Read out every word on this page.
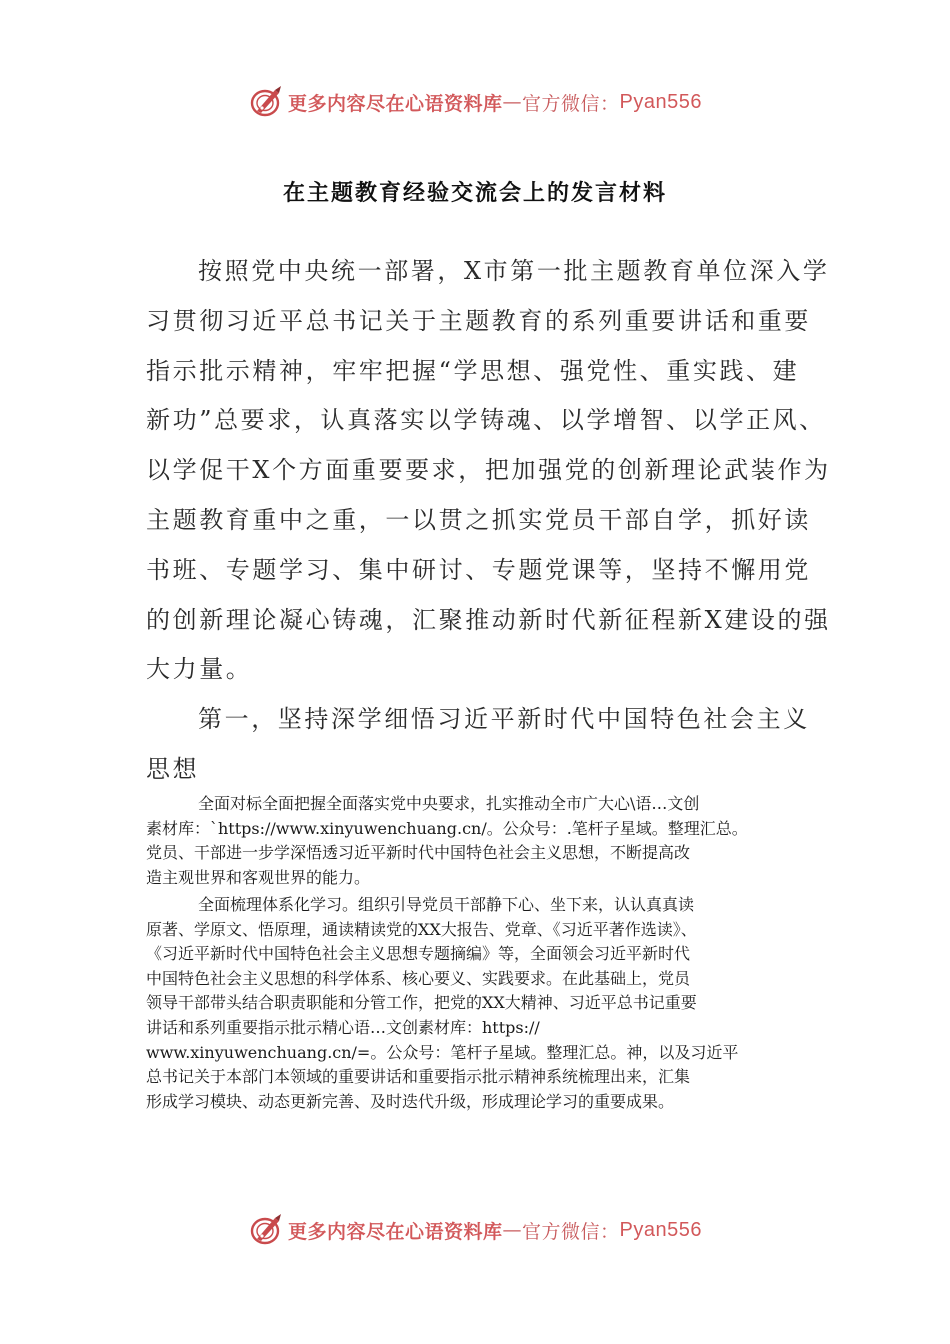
更多内容尽在心语资料库 — 官方微信： Pyan556
在主题教育经验交流会上的发言材料
按照党中央统一部署，X市第一批主题教育单位深入学
习贯彻习近平总书记关于主题教育的系列重要讲话和重要
指示批示精神，牢牢把握“学思想、强党性、重实践、建
新功”总要求，认真落实以学铸魂、以学增智、以学正风、
以学促干X个方面重要要求，把加强党的创新理论武装作为
主题教育重中之重，一以贯之抓实党员干部自学，抓好读
书班、专题学习、集中研讨、专题党课等，坚持不懈用党
的创新理论凝心铸魂，汇聚推动新时代新征程新X建设的强
大力量。
第一，坚持深学细悟习近平新时代中国特色社会主义
思想
全面对标全面把握全面落实党中央要求，扎实推动全市广大心\语…文创
素材库：`https://www.xinyuwenchuang.cn/。公众号：.笔杆子星域。整理汇总。
党员、干部进一步学深悟透习近平新时代中国特色社会主义思想，不断提高改
造主观世界和客观世界的能力。
全面梳理体系化学习。组织引导党员干部静下心、坐下来，认认真真读
原著、学原文、悟原理，通读精读党的XX大报告、党章、《习近平著作选读》、
《习近平新时代中国特色社会主义思想专题摘编》等，全面领会习近平新时代
中国特色社会主义思想的科学体系、核心要义、实践要求。在此基础上，党员
领导干部带头结合职责职能和分管工作，把党的XX大精神、习近平总书记重要
讲话和系列重要指示批示精心语…文创素材库：https://
www.xinyuwenchuang.cn/=。公众号：笔杆子星域。整理汇总。神，以及习近平
总书记关于本部门本领域的重要讲话和重要指示批示精神系统梳理出来，汇集
形成学习模块、动态更新完善、及时迭代升级，形成理论学习的重要成果。
更多内容尽在心语资料库 — 官方微信： Pyan556
